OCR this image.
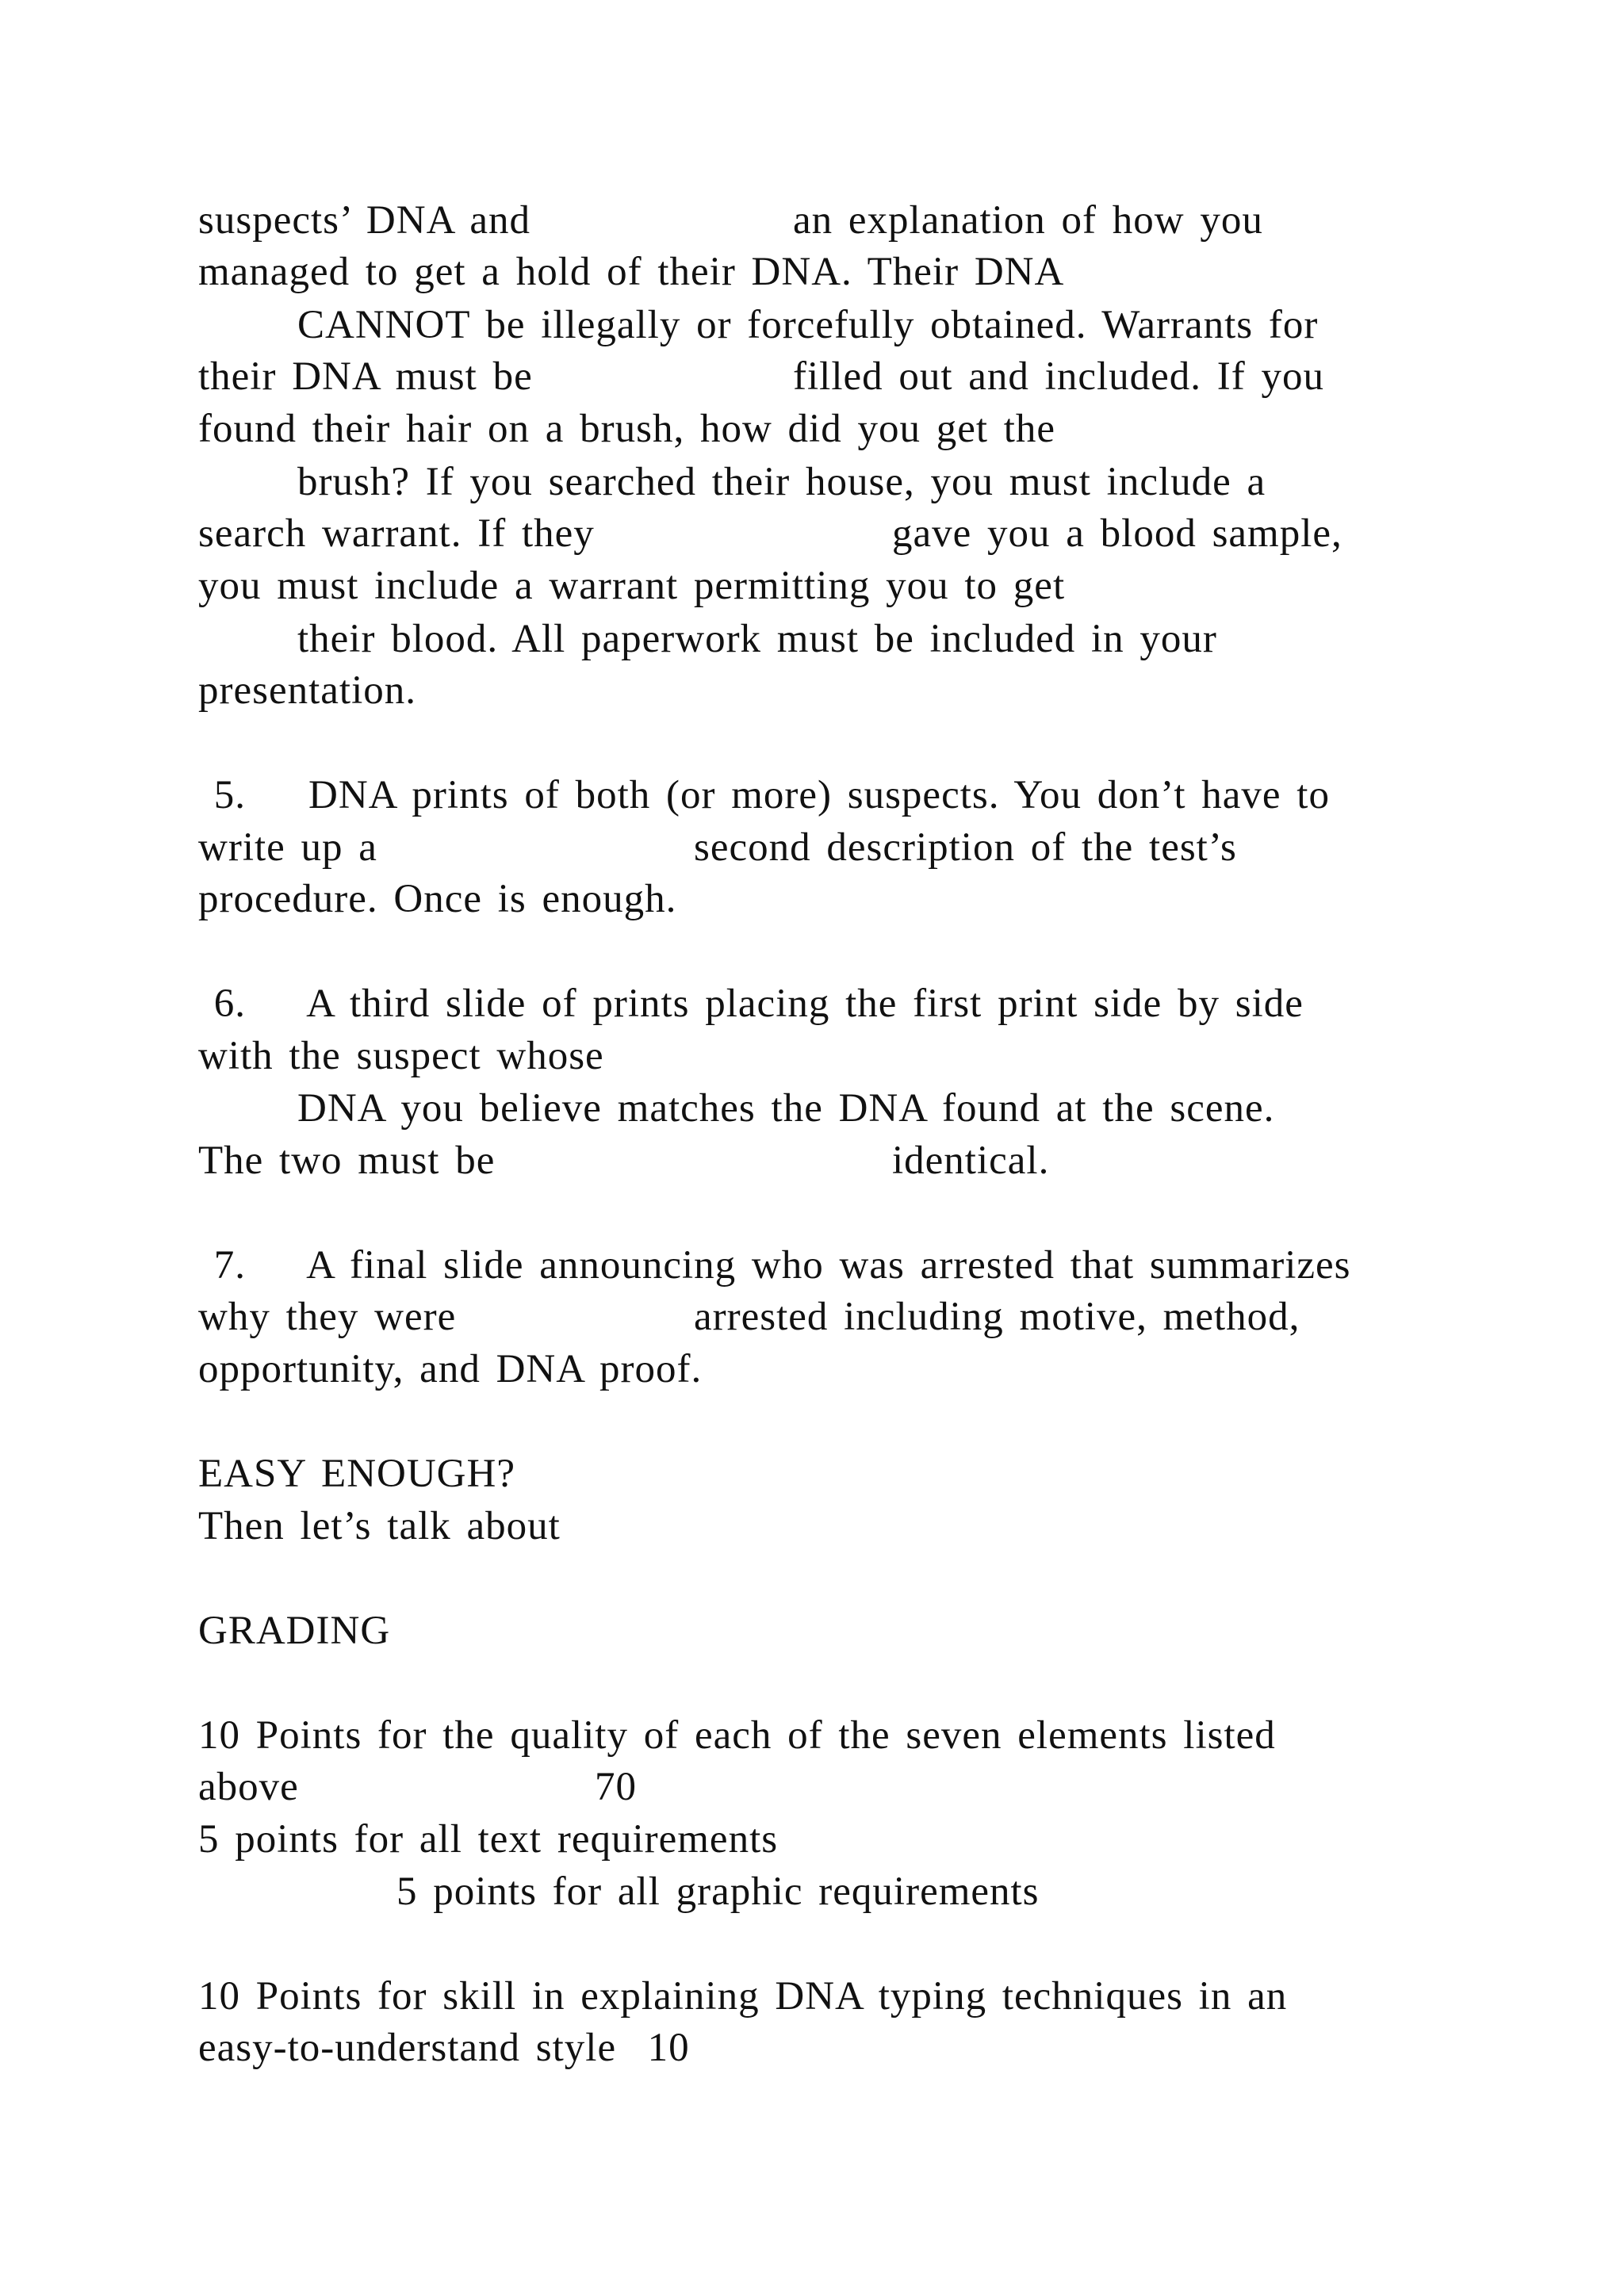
suspects’ DNA and

	an explanation of how you

managed to get a hold of their DNA. Their DNA
CANNOT be illegally or forcefully obtained. Warrants for

their DNA must be

	filled out and included. If you

found their hair on a brush, how did you get the
brush? If you searched their house, you must include a

search warrant. If they

	gave you a blood sample,

you must include a warrant permitting you to get
their blood. All paperwork must be included in your
presentation.
5.    DNA prints of both (or more) suspects. You don’t have to

write up a

	second description of the test’s

procedure. Once is enough.
6.    A third slide of prints placing the first print side by side
with the suspect whose
DNA you believe matches the DNA found at the scene.

The two must be

	identical.

7.    A final slide announcing who was arrested that summarizes

why they were

	arrested including motive, method,

opportunity, and DNA proof.
EASY ENOUGH?
Then let’s talk about
GRADING
10 Points for the quality of each of the seven elements listed

above

	70

5 points for all text requirements
5 points for all graphic requirements
10 Points for skill in explaining DNA typing techniques in an
easy-to-understand style  10
